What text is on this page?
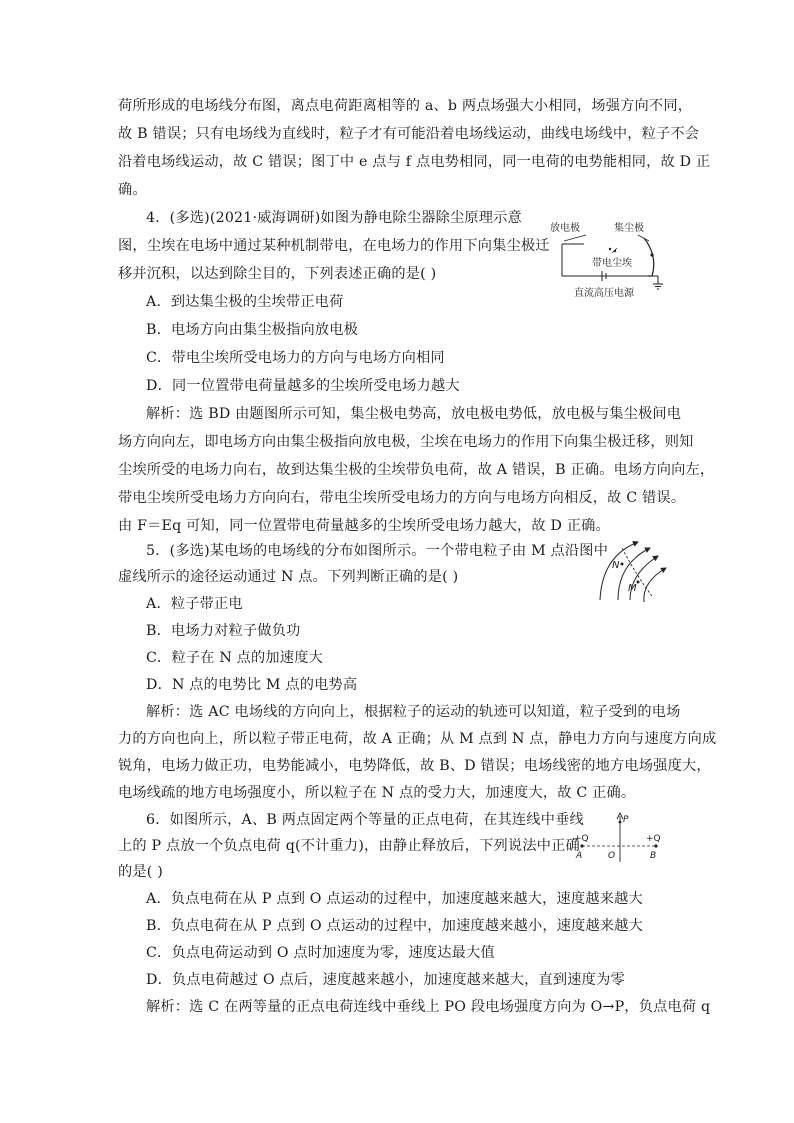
荷所形成的电场线分布图，离点电荷距离相等的 a、b 两点场强大小相同，场强方向不同，
故 B 错误；只有电场线为直线时，粒子才有可能沿着电场线运动，曲线电场线中，粒子不会
沿着电场线运动，故 C 错误；图丁中 e 点与 f 点电势相同，同一电荷的电势能相同，故 D 正
确。
4．(多选)(2021·威海调研)如图为静电除尘器除尘原理示意
图，尘埃在电场中通过某种机制带电，在电场力的作用下向集尘极迁
移并沉积，以达到除尘目的，下列表述正确的是( )
A．到达集尘极的尘埃带正电荷
B．电场方向由集尘极指向放电极
C．带电尘埃所受电场力的方向与电场方向相同
D．同一位置带电荷量越多的尘埃所受电场力越大
解析：选 BD 由题图所示可知，集尘极电势高，放电极电势低，放电极与集尘极间电
场方向向左，即电场方向由集尘极指向放电极，尘埃在电场力的作用下向集尘极迁移，则知
尘埃所受的电场力向右，故到达集尘极的尘埃带负电荷，故 A 错误，B 正确。电场方向向左，
带电尘埃所受电场力方向向右，带电尘埃所受电场力的方向与电场方向相反，故 C 错误。
由 F＝Eq 可知，同一位置带电荷量越多的尘埃所受电场力越大，故 D 正确。
放电极	集尘极
带电尘埃
直流高压电源
5．(多选)某电场的电场线的分布如图所示。一个带电粒子由 M 点沿图中
虚线所示的途径运动通过 N 点。下列判断正确的是( )
A．粒子带正电
B．电场力对粒子做负功
C．粒子在 N 点的加速度大
D．N 点的电势比 M 点的电势高
解析：选 AC 电场线的方向向上，根据粒子的运动的轨迹可以知道，粒子受到的电场
力的方向也向上，所以粒子带正电荷，故 A 正确；从 M 点到 N 点，静电力方向与速度方向成
锐角，电场力做正功，电势能减小，电势降低，故 B、D 错误；电场线密的地方电场强度大，
电场线疏的地方电场强度小，所以粒子在 N 点的受力大，加速度大，故 C 正确。
N
M
6．如图所示，A、B 两点固定两个等量的正点电荷，在其连线中垂线
上的 P 点放一个负点电荷 q(不计重力)，由静止释放后，下列说法中正确
的是( )
A．负点电荷在从 P 点到 O 点运动的过程中，加速度越来越大，速度越来越大
B．负点电荷在从 P 点到 O 点运动的过程中，加速度越来越小，速度越来越大
C．负点电荷运动到 O 点时加速度为零，速度达最大值
D．负点电荷越过 O 点后，速度越来越小，加速度越来越大，直到速度为零
解析：选 C 在两等量的正点电荷连线中垂线上 PO 段电场强度方向为 O→P，负点电荷 q
P
+Q	+Q
A	O	B
